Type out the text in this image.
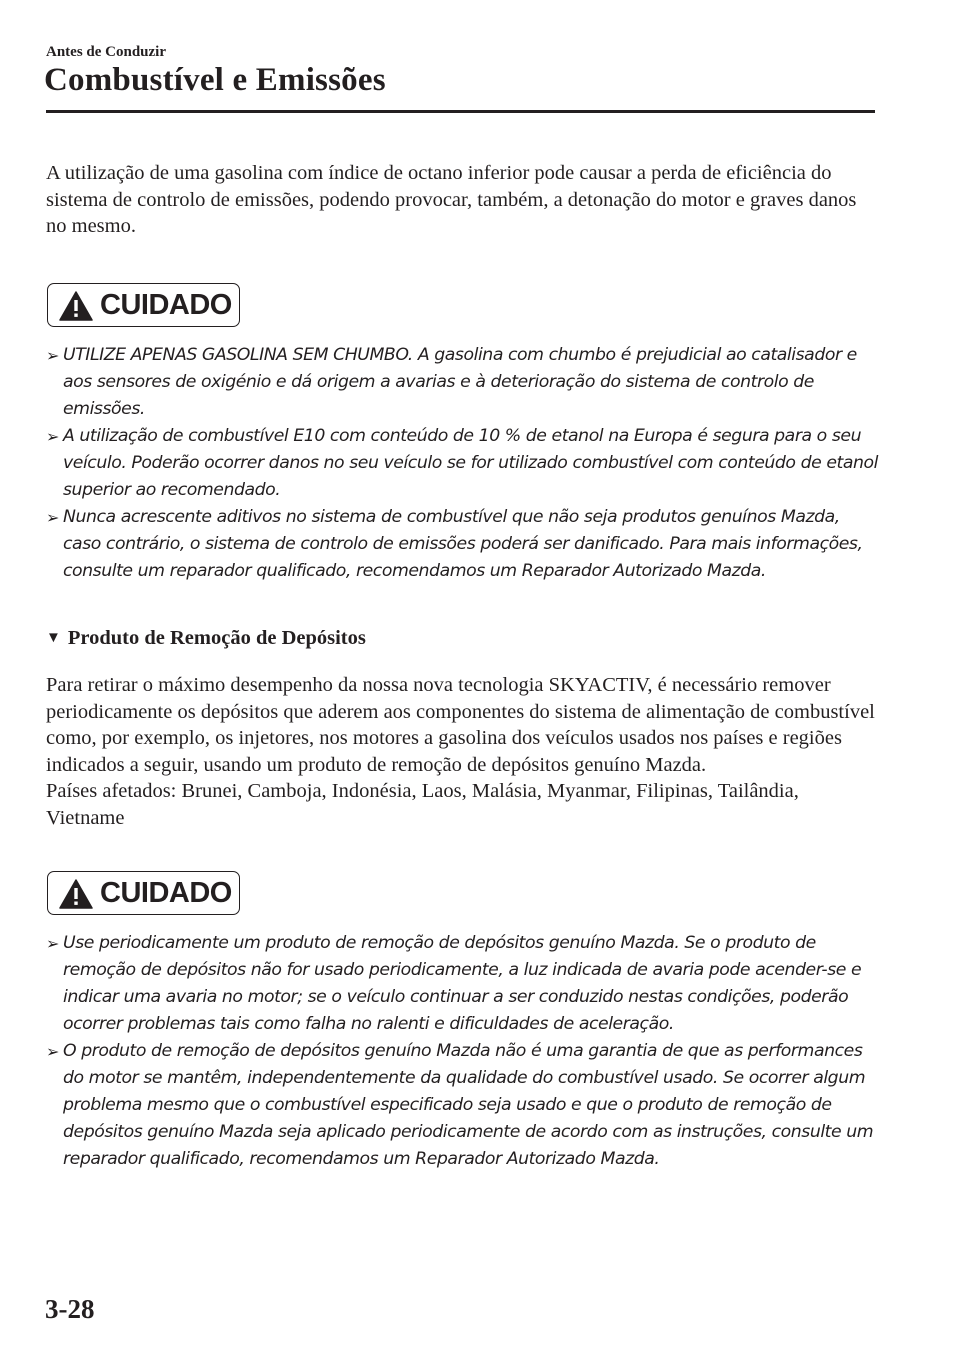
Antes de Conduzir
Combustível e Emissões

A utilização de uma gasolina com índice de octano inferior pode causar a perda de eficiência do sistema de controlo de emissões, podendo provocar, também, a detonação do motor e graves danos no mesmo.

CUIDADO
➢ UTILIZE APENAS GASOLINA SEM CHUMBO. A gasolina com chumbo é prejudicial ao catalisador e aos sensores de oxigénio e dá origem a avarias e à deterioração do sistema de controlo de emissões.
➢ A utilização de combustível E10 com conteúdo de 10 % de etanol na Europa é segura para o seu veículo. Poderão ocorrer danos no seu veículo se for utilizado combustível com conteúdo de etanol superior ao recomendado.
➢ Nunca acrescente aditivos no sistema de combustível que não seja produtos genuínos Mazda, caso contrário, o sistema de controlo de emissões poderá ser danificado. Para mais informações, consulte um reparador qualificado, recomendamos um Reparador Autorizado Mazda.
▼ Produto de Remoção de Depósitos

Para retirar o máximo desempenho da nossa nova tecnologia SKYACTIV, é necessário remover periodicamente os depósitos que aderem aos componentes do sistema de alimentação de combustível como, por exemplo, os injetores, nos motores a gasolina dos veículos usados nos países e regiões indicados a seguir, usando um produto de remoção de depósitos genuíno Mazda.

Países afetados: Brunei, Camboja, Indonésia, Laos, Malásia, Myanmar, Filipinas, Tailândia, Vietname

CUIDADO
➢ Use periodicamente um produto de remoção de depósitos genuíno Mazda. Se o produto de remoção de depósitos não for usado periodicamente, a luz indicada de avaria pode acender-se e indicar uma avaria no motor; se o veículo continuar a ser conduzido nestas condições, poderão ocorrer problemas tais como falha no ralenti e dificuldades de aceleração.
➢ O produto de remoção de depósitos genuíno Mazda não é uma garantia de que as performances do motor se mantêm, independentemente da qualidade do combustível usado. Se ocorrer algum problema mesmo que o combustível especificado seja usado e que o produto de remoção de depósitos genuíno Mazda seja aplicado periodicamente de acordo com as instruções, consulte um reparador qualificado, recomendamos um Reparador Autorizado Mazda.
3-28
